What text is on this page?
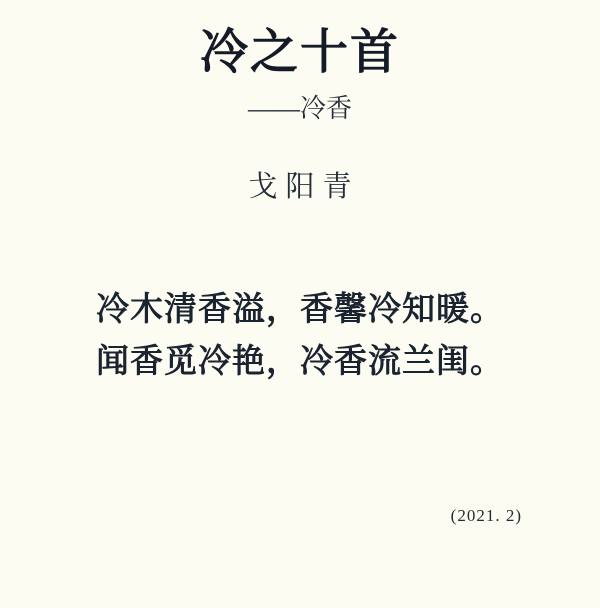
冷之十首
——冷香
戈阳青
冷木清香溢，香馨冷知暖。
闻香觅冷艳，冷香流兰闺。
(2021. 2)
